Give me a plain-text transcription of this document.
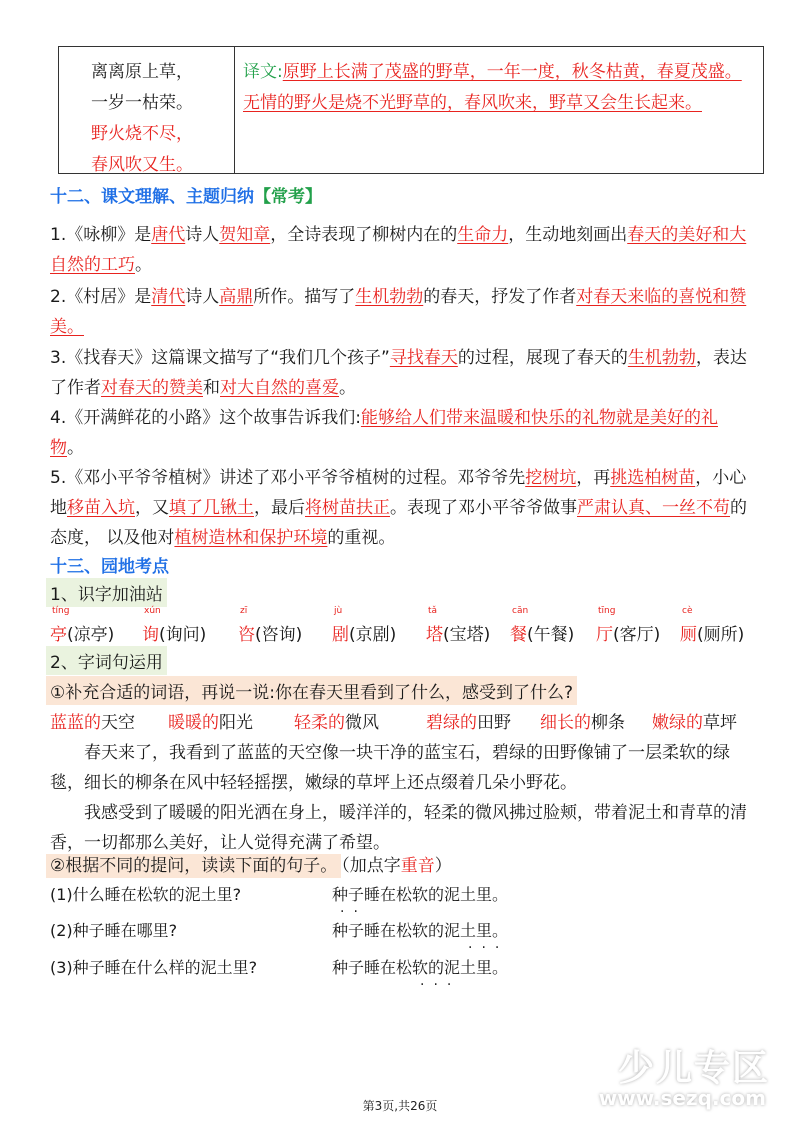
离离原上草，
一岁一枯荣。
野火烧不尽，
春风吹又生。
译文:原野上长满了茂盛的野草，一年一度，秋冬枯黄，春夏茂盛。无情的野火是烧不光野草的，春风吹来，野草又会生长起来。
十二、课文理解、主题归纳【常考】
1.《咏柳》是唐代诗人贺知章，全诗表现了柳树内在的生命力，生动地刻画出春天的美好和大自然的工巧。
2.《村居》是清代诗人高鼎所作。描写了生机勃勃的春天，抒发了作者对春天来临的喜悦和赞美。
3.《找春天》这篇课文描写了“我们几个孩子”寻找春天的过程，展现了春天的生机勃勃，表达了作者对春天的赞美和对大自然的喜爱。
4.《开满鲜花的小路》这个故事告诉我们:能够给人们带来温暖和快乐的礼物就是美好的礼物。
5.《邓小平爷爷植树》讲述了邓小平爷爷植树的过程。邓爷爷先挖树坑，再挑选柏树苗，小心地移苗入坑，又填了几锹土，最后将树苗扶正。表现了邓小平爷爷做事严肃认真、一丝不苟的态度， 以及他对植树造林和保护环境的重视。
十三、园地考点
1、识字加油站
tíng
亭(凉亭)
xún
询(询问)
zī
咨(咨询)
jù
剧(京剧)
tǎ
塔(宝塔)
cān
餐(午餐)
tīng
厅(客厅)
cè
厕(厕所)
2、字词句运用
①补充合适的词语，再说一说:你在春天里看到了什么，感受到了什么?
蓝蓝的天空 暖暖的阳光 轻柔的微风	碧绿的田野 细长的柳条 嫩绿的草坪
春天来了，我看到了蓝蓝的天空像一块干净的蓝宝石，碧绿的田野像铺了一层柔软的绿毯，细长的柳条在风中轻轻摇摆，嫩绿的草坪上还点缀着几朵小野花。
我感受到了暖暖的阳光洒在身上，暖洋洋的，轻柔的微风拂过脸颊，带着泥土和青草的清香，一切都那么美好，让人觉得充满了希望。
②根据不同的提问，读读下面的句子。 （加点字重音）
(1)什么睡在松软的泥土里?	种子睡在松软的泥土里。
··
(2)种子睡在哪里?	种子睡在松软的泥土里。
···
(3)种子睡在什么样的泥土里?	种子睡在松软的泥土里。
···
少儿专区
www.sezq.com
第3页,共26页
